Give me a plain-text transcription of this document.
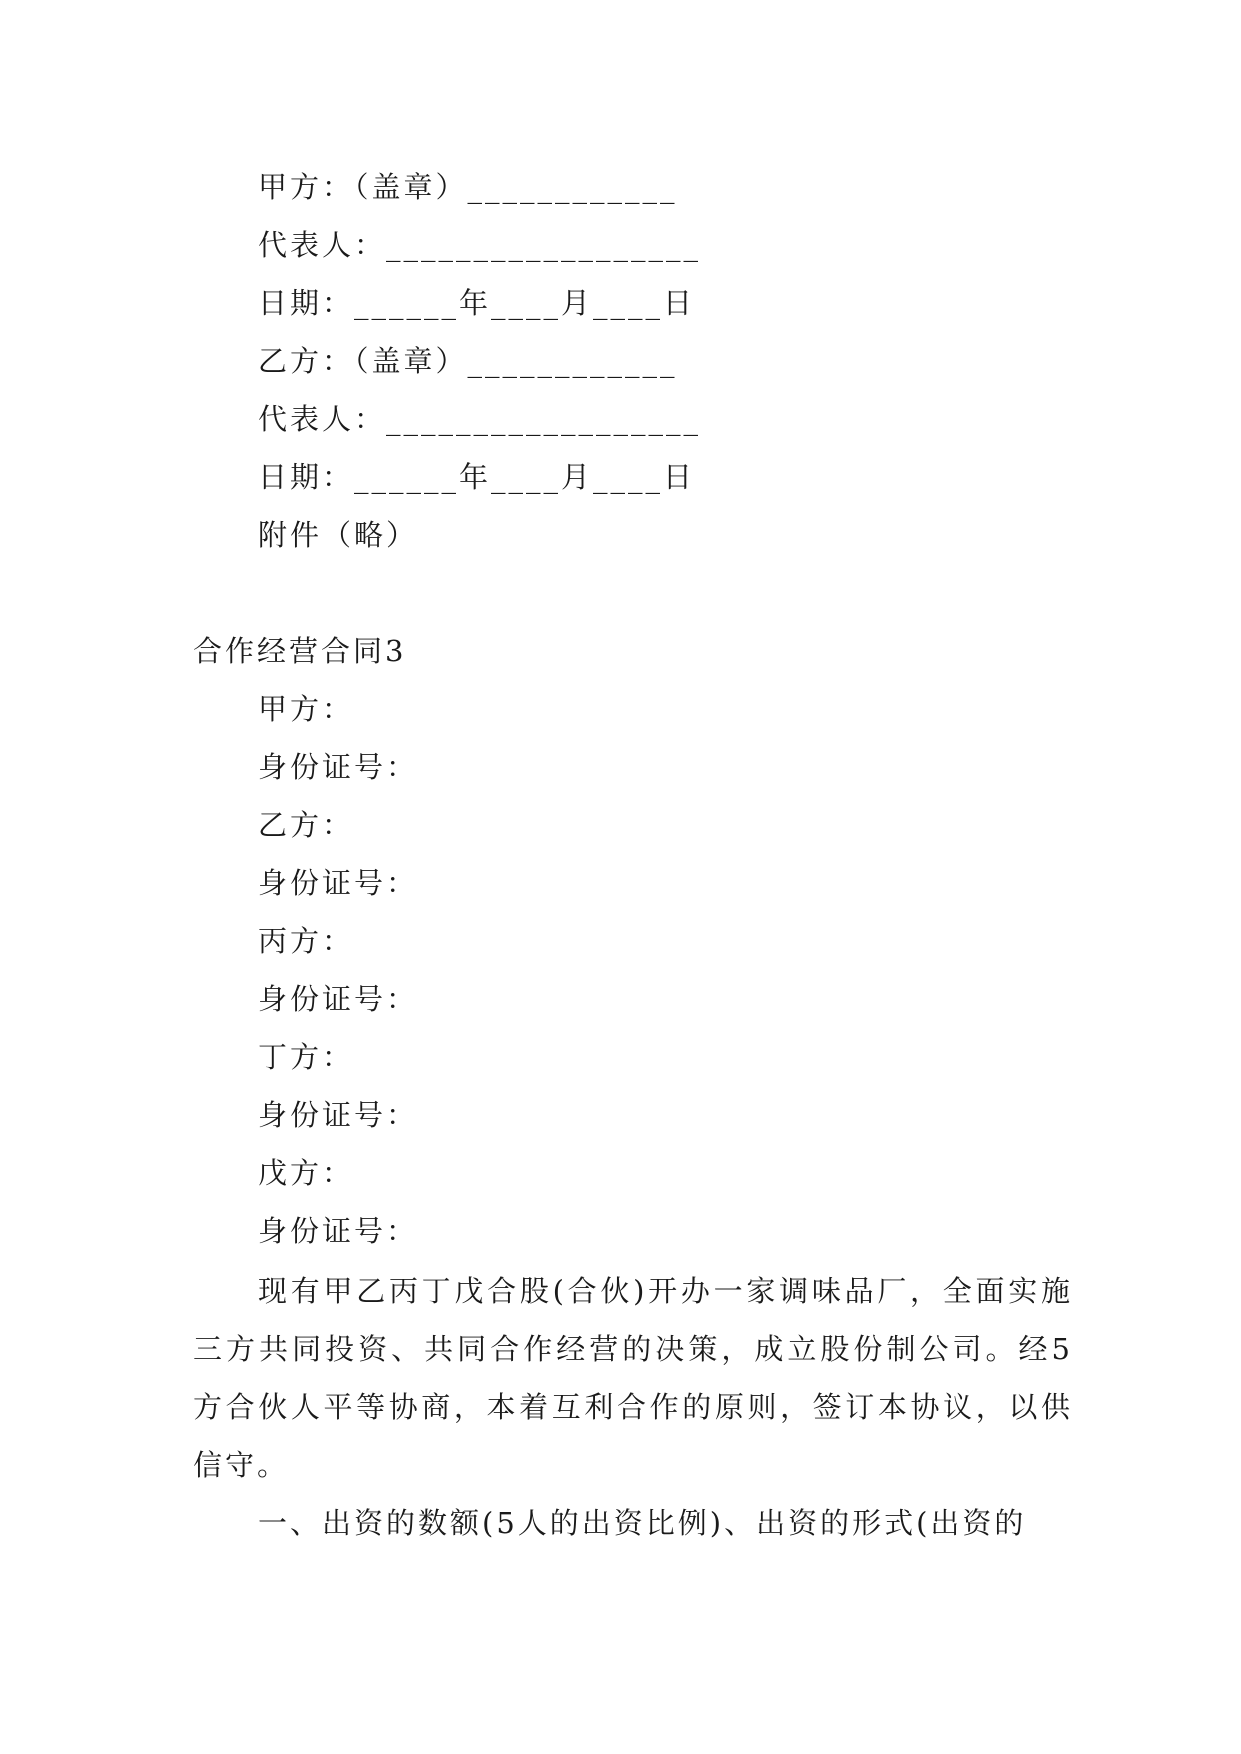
甲方：（盖章）____________
代表人：__________________
日期：______年____月____日
乙方：（盖章）____________
代表人：__________________
日期：______年____月____日
附件（略）
合作经营合同3
甲方：
身份证号：
乙方：
身份证号：
丙方：
身份证号：
丁方：
身份证号：
戊方：
身份证号：
现有甲乙丙丁戊合股(合伙)开办一家调味品厂，全面实施三方共同投资、共同合作经营的决策，成立股份制公司。经5方合伙人平等协商，本着互利合作的原则，签订本协议，以供信守。
一、出资的数额(5人的出资比例)、出资的形式(出资的
